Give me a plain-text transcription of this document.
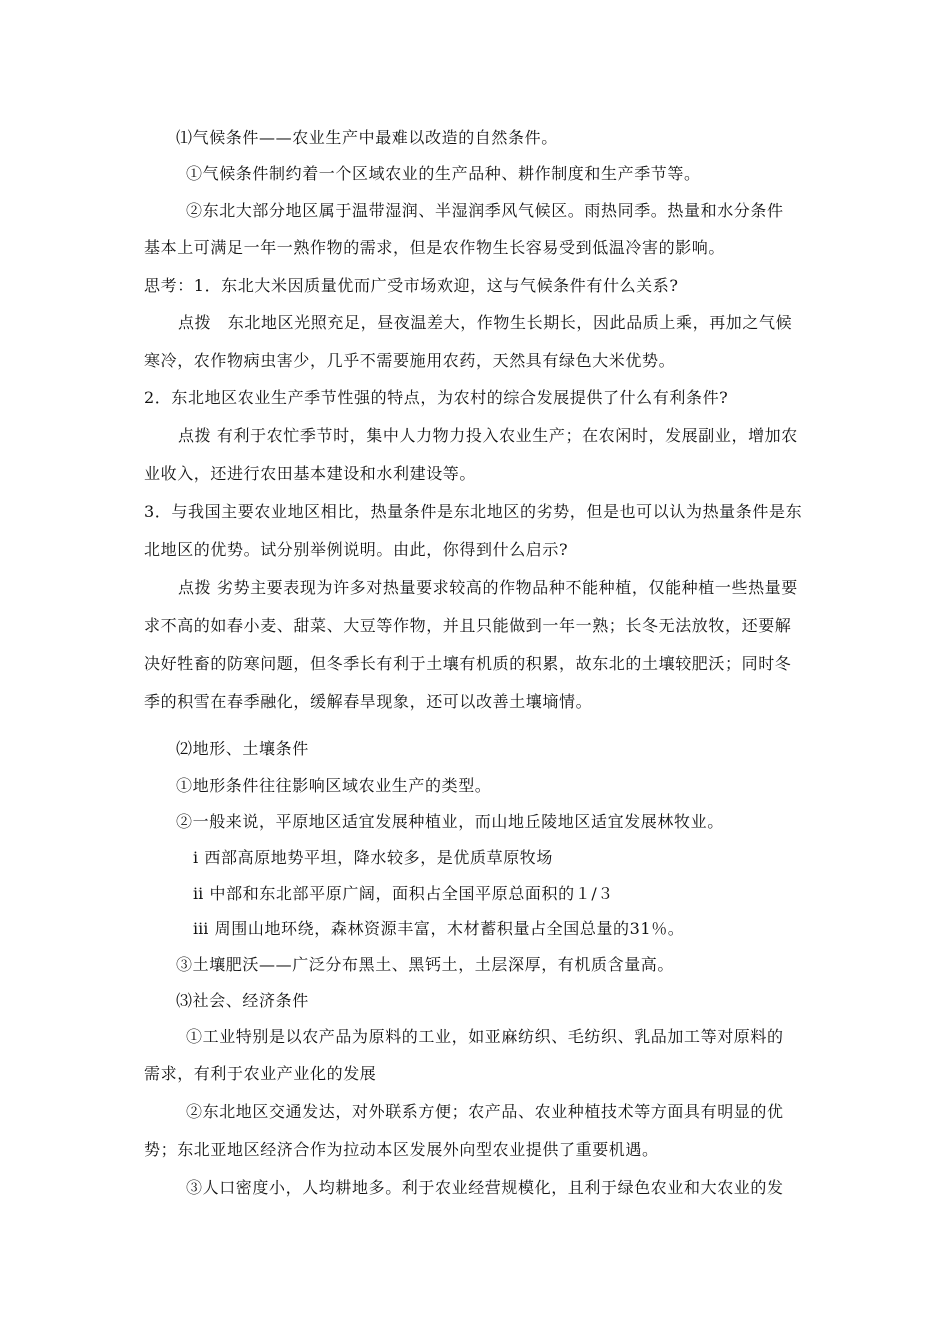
⑴气候条件——农业生产中最难以改造的自然条件。
①气候条件制约着一个区域农业的生产品种、耕作制度和生产季节等。
②东北大部分地区属于温带湿润、半湿润季风气候区。雨热同季。热量和水分条件
基本上可满足一年一熟作物的需求，但是农作物生长容易受到低温冷害的影响。
思考：1．东北大米因质量优而广受市场欢迎，这与气候条件有什么关系?
点拨　东北地区光照充足，昼夜温差大，作物生长期长，因此品质上乘，再加之气候
寒冷，农作物病虫害少，几乎不需要施用农药，天然具有绿色大米优势。
2．东北地区农业生产季节性强的特点，为农村的综合发展提供了什么有利条件?
点拨 有利于农忙季节时，集中人力物力投入农业生产；在农闲时，发展副业，增加农
业收入，还进行农田基本建设和水利建设等。
3．与我国主要农业地区相比，热量条件是东北地区的劣势，但是也可以认为热量条件是东
北地区的优势。试分别举例说明。由此，你得到什么启示?
点拨 劣势主要表现为许多对热量要求较高的作物品种不能种植，仅能种植一些热量要
求不高的如春小麦、甜菜、大豆等作物，并且只能做到一年一熟；长冬无法放牧，还要解
决好牲畜的防寒问题，但冬季长有利于土壤有机质的积累，故东北的土壤较肥沃；同时冬
季的积雪在春季融化，缓解春旱现象，还可以改善土壤墒情。
⑵地形、土壤条件
①地形条件往往影响区域农业生产的类型。
②一般来说，平原地区适宜发展种植业，而山地丘陵地区适宜发展林牧业。
ⅰ 西部高原地势平坦，降水较多，是优质草原牧场
ⅱ 中部和东北部平原广阔，面积占全国平原总面积的１/３
ⅲ 周围山地环绕，森林资源丰富，木材蓄积量占全国总量的31％。
③土壤肥沃——广泛分布黑土、黑钙土，土层深厚，有机质含量高。
⑶社会、经济条件
①工业特别是以农产品为原料的工业，如亚麻纺织、毛纺织、乳品加工等对原料的
需求，有利于农业产业化的发展
②东北地区交通发达，对外联系方便；农产品、农业种植技术等方面具有明显的优
势；东北亚地区经济合作为拉动本区发展外向型农业提供了重要机遇。
③人口密度小，人均耕地多。利于农业经营规模化，且利于绿色农业和大农业的发
